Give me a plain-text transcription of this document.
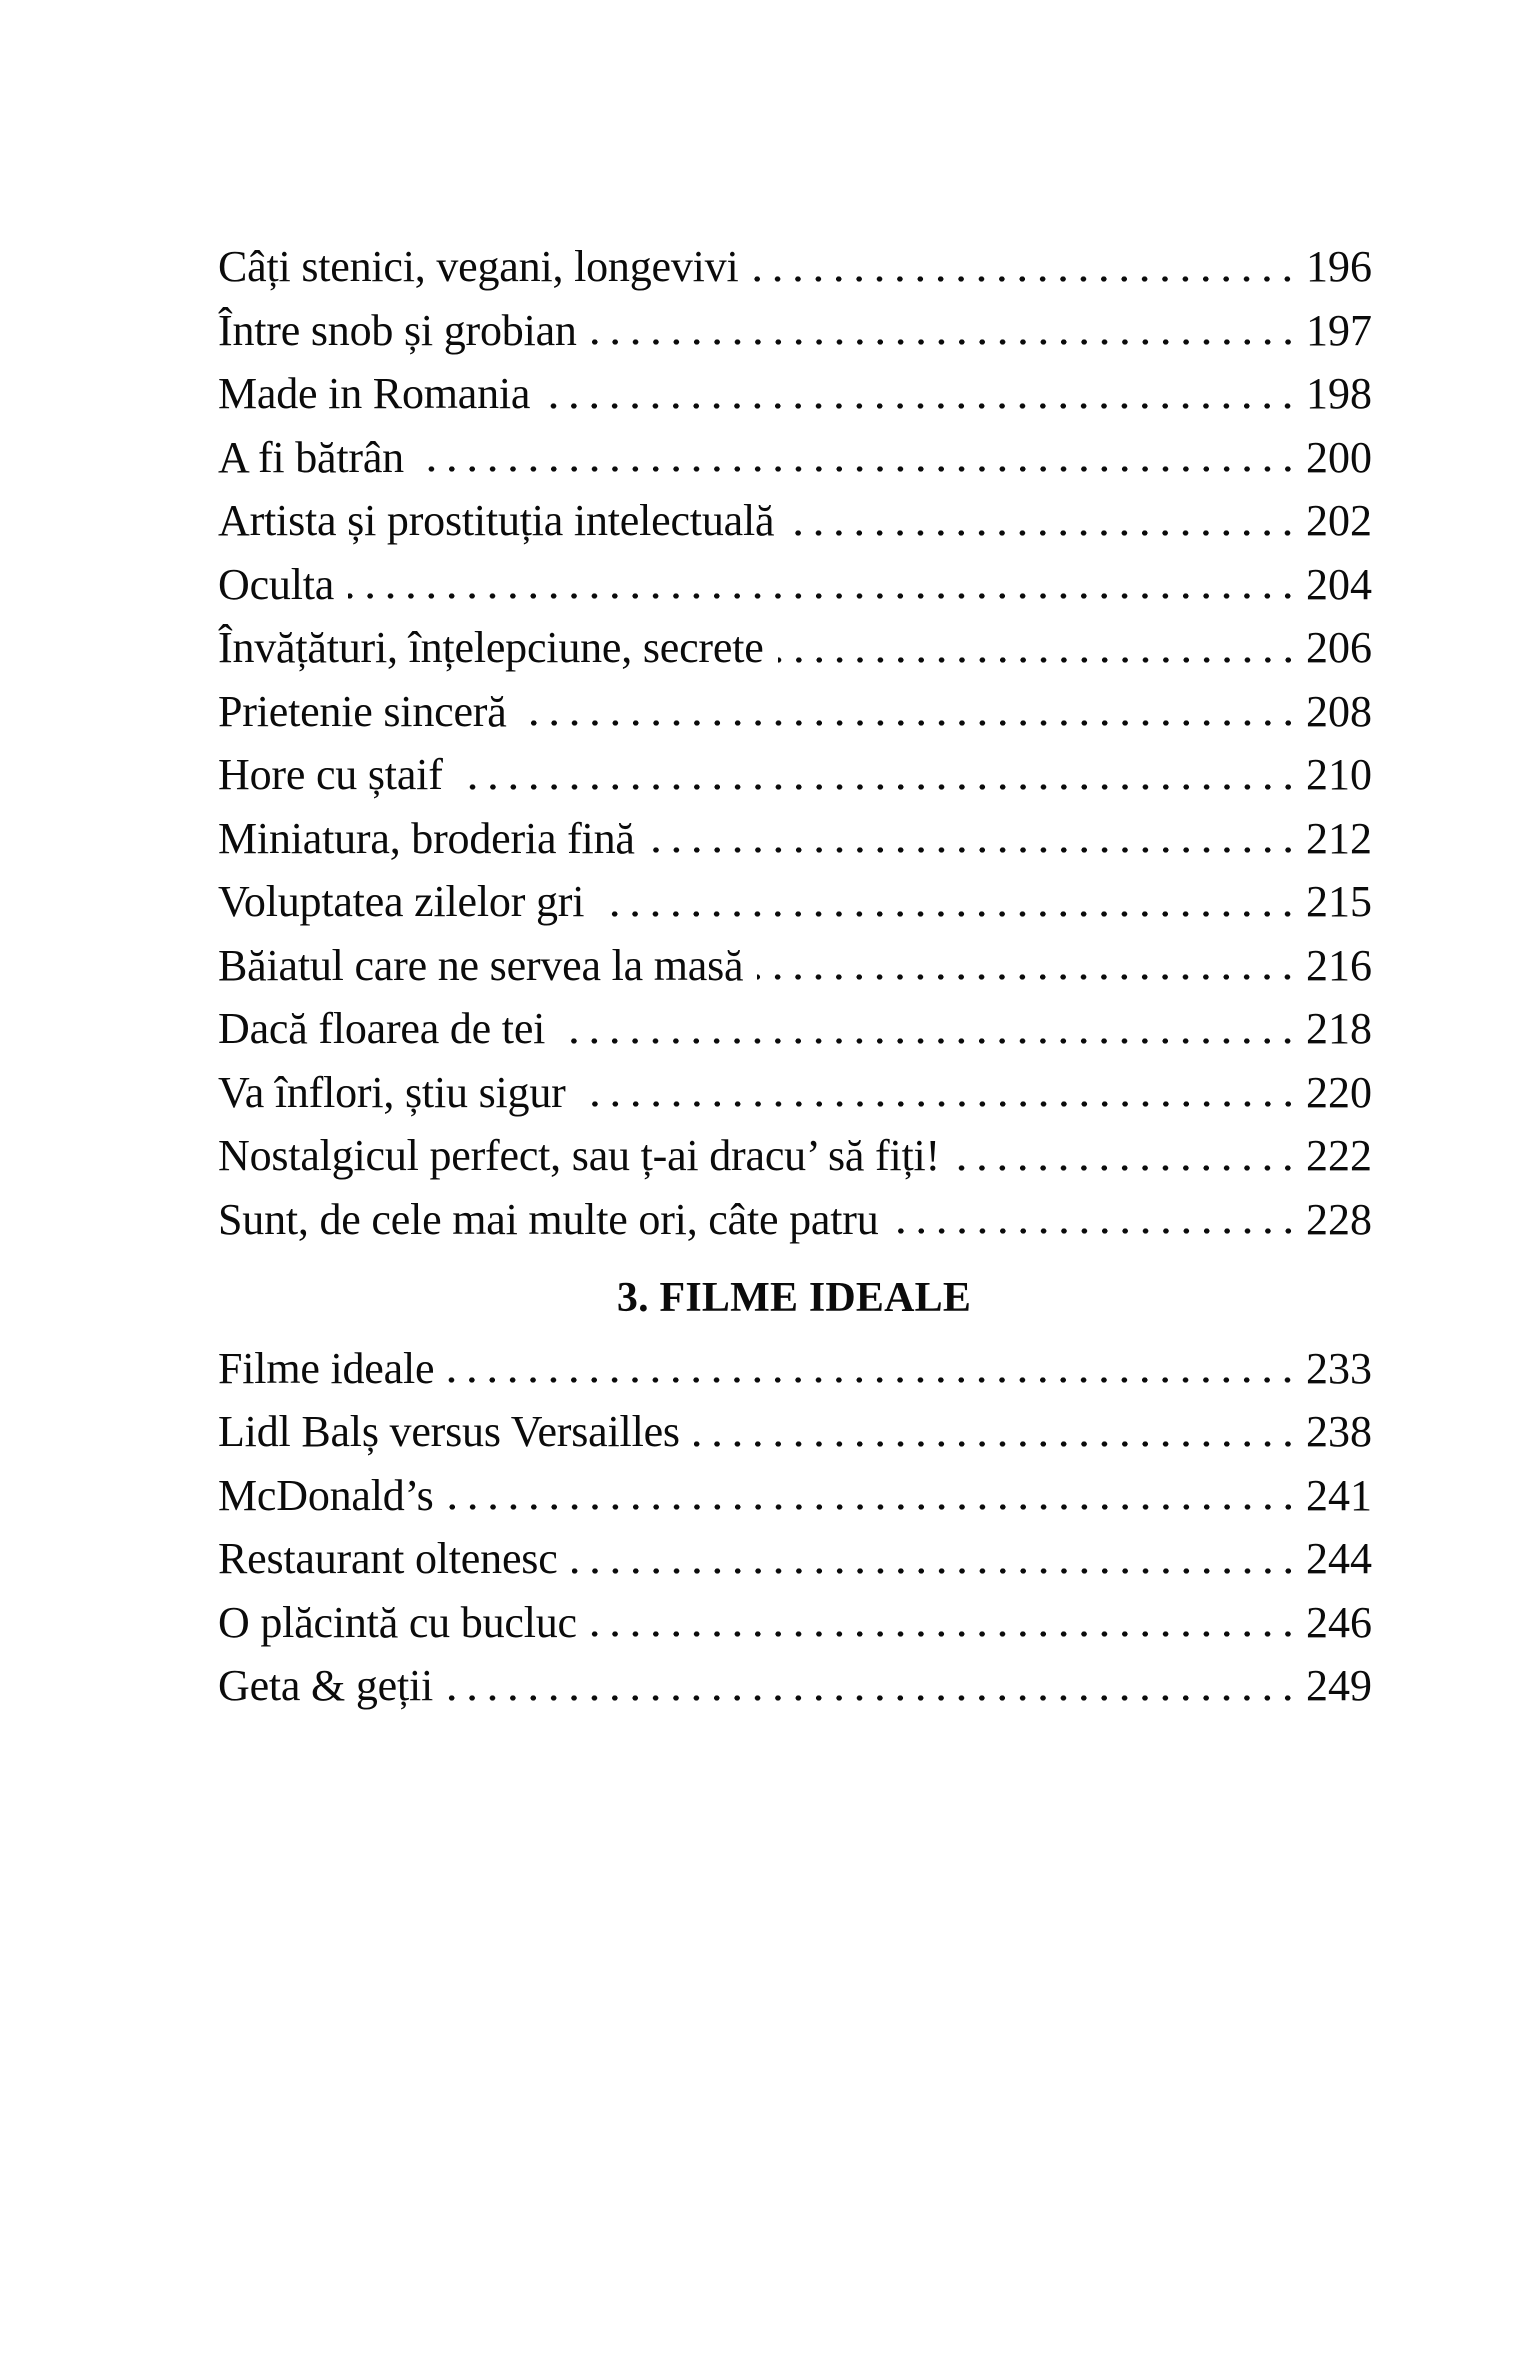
Câți stenici, vegani, longevivi	196
Între snob și grobian	197
Made in Romania	198
A fi bătrân	200
Artista și prostituția intelectuală	202
Oculta	204
Învățături, înțelepciune, secrete	206
Prietenie sinceră	208
Hore cu ștaif	210
Miniatura, broderia fină	212
Voluptatea zilelor gri	215
Băiatul care ne servea la masă	216
Dacă floarea de tei	218
Va înflori, știu sigur	220
Nostalgicul perfect, sau ț-ai dracu’ să fiți!	222
Sunt, de cele mai multe ori, câte patru	228
3. FILME IDEALE
Filme ideale	233
Lidl Balș versus Versailles	238
McDonald’s	241
Restaurant oltenesc	244
O plăcintă cu bucluc	246
Geta & geții	249
